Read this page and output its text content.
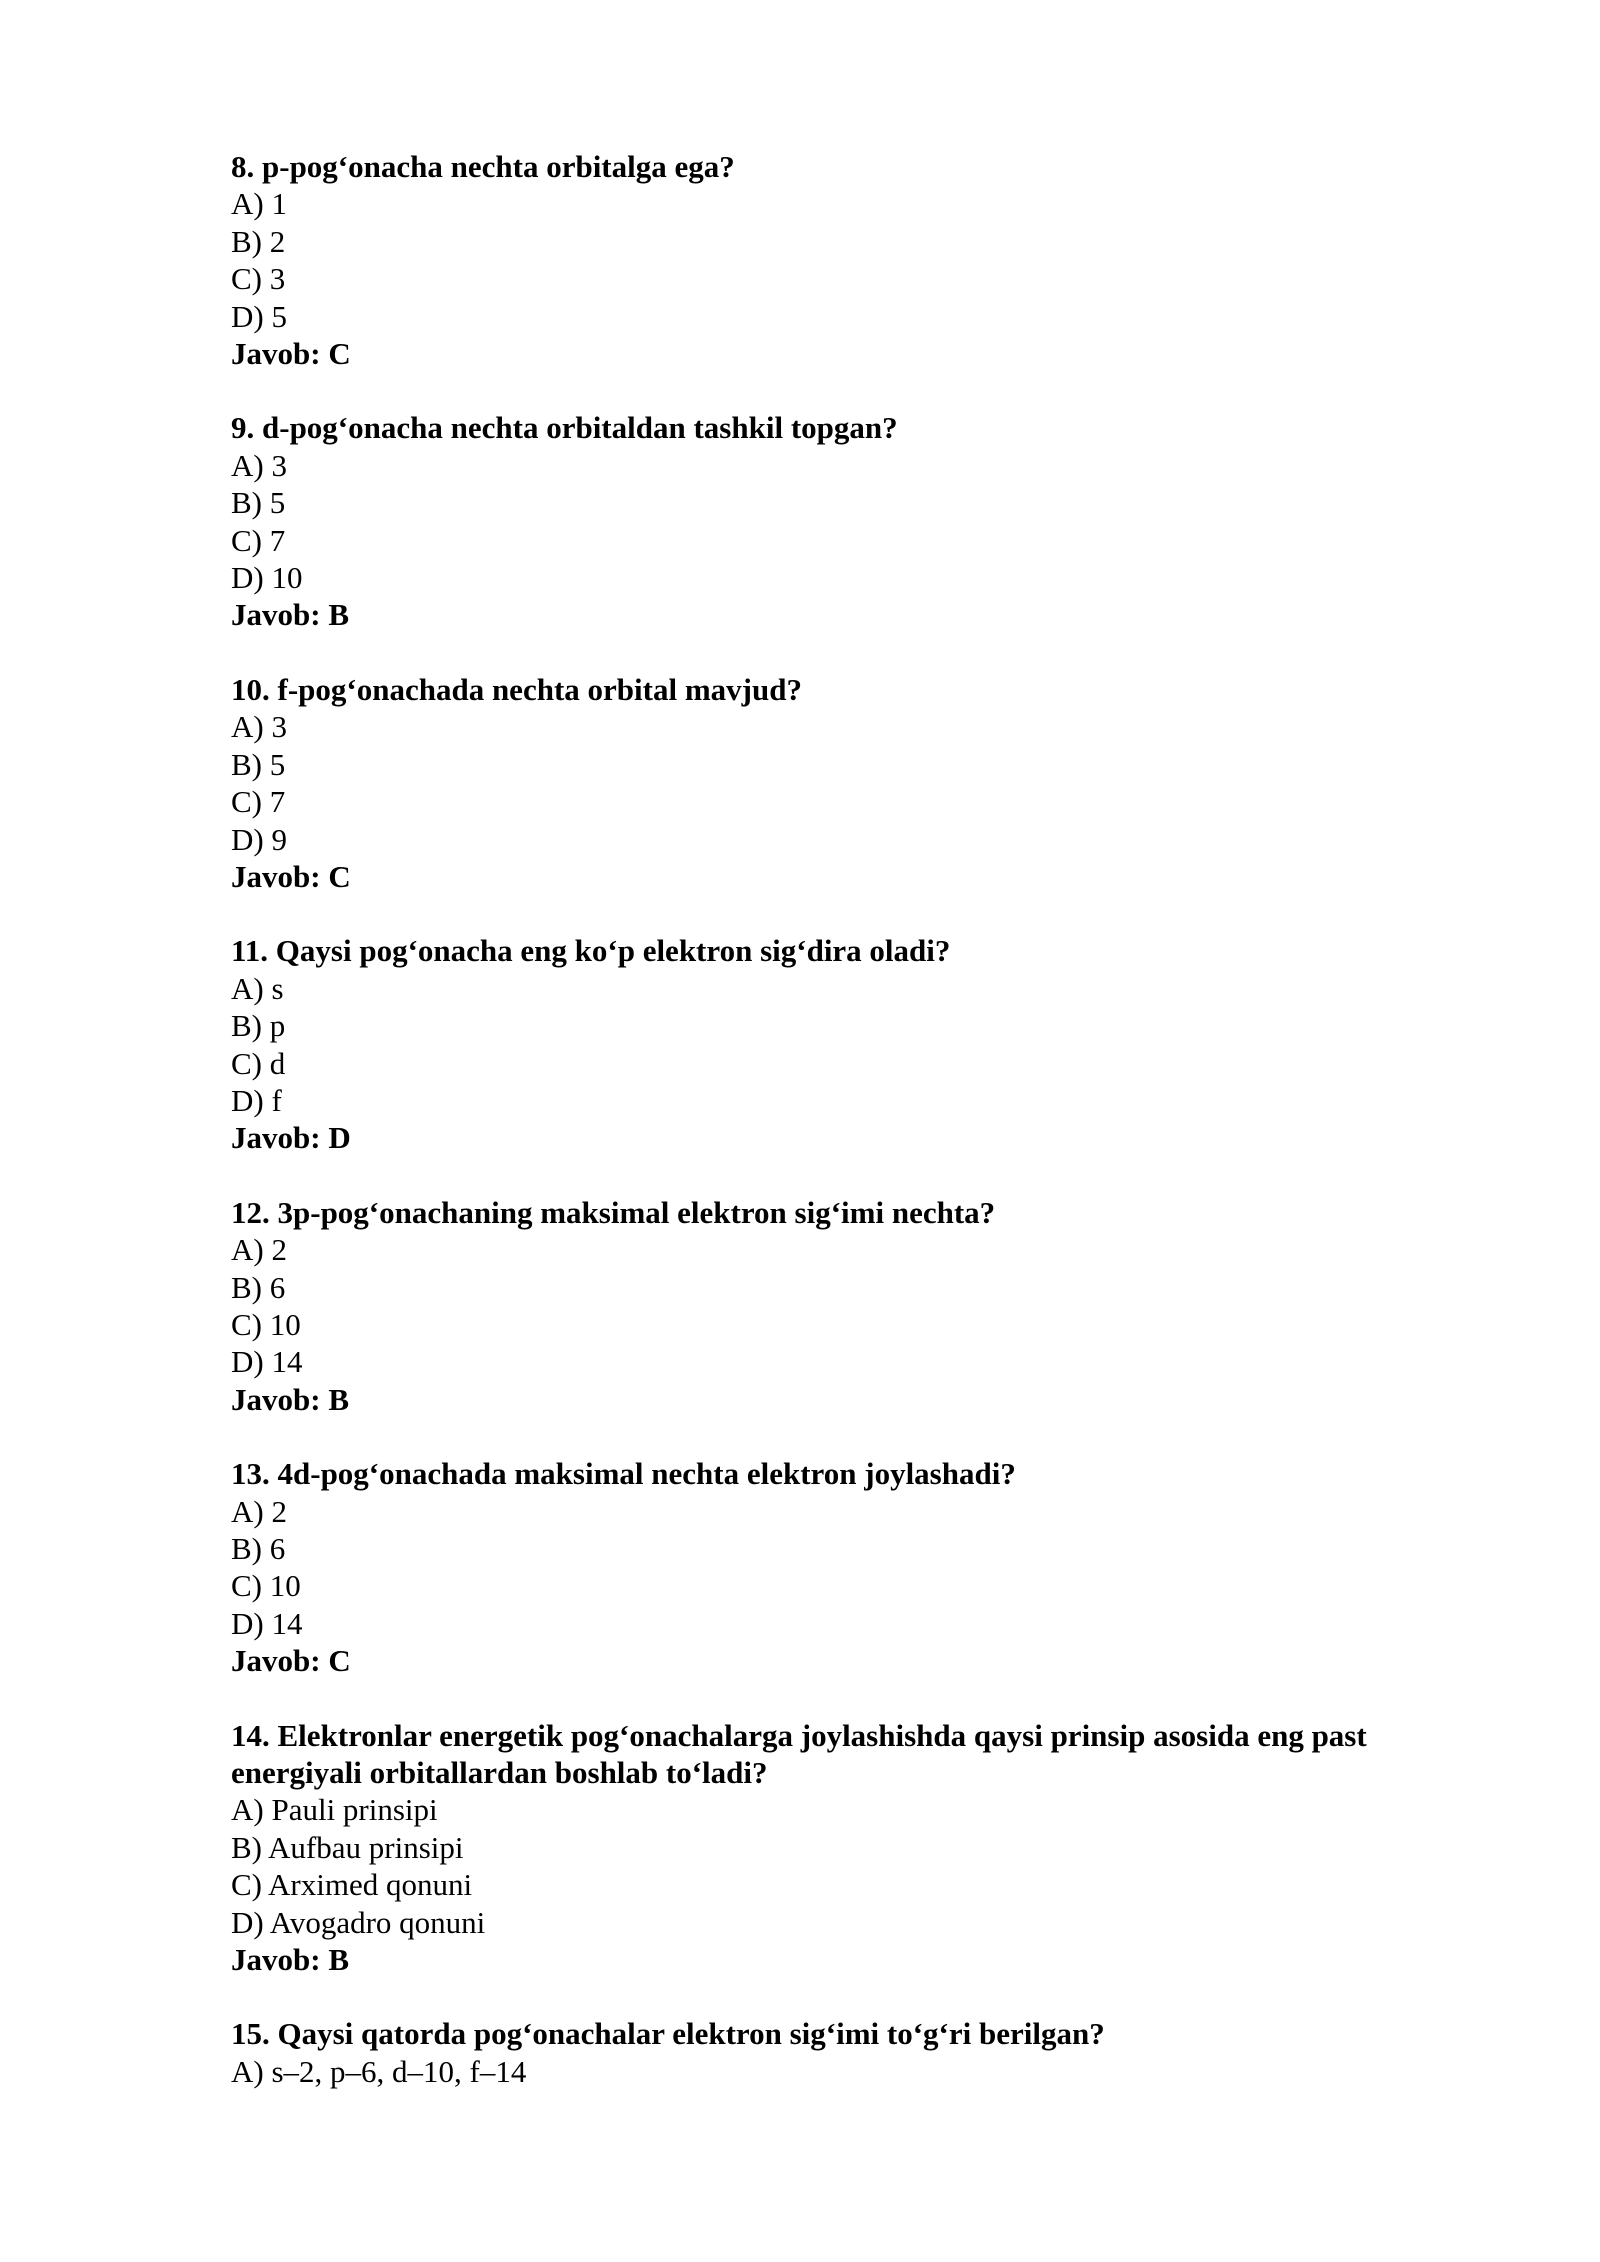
8. p-pog‘onacha nechta orbitalga ega?
A) 1
B) 2
C) 3
D) 5
Javob: C
9. d-pog‘onacha nechta orbitaldan tashkil topgan?
A) 3
B) 5
C) 7
D) 10
Javob: B
10. f-pog‘onachada nechta orbital mavjud?
A) 3
B) 5
C) 7
D) 9
Javob: C
11. Qaysi pog‘onacha eng ko‘p elektron sig‘dira oladi?
A) s
B) p
C) d
D) f
Javob: D
12. 3p-pog‘onachaning maksimal elektron sig‘imi nechta?
A) 2
B) 6
C) 10
D) 14
Javob: B
13. 4d-pog‘onachada maksimal nechta elektron joylashadi?
A) 2
B) 6
C) 10
D) 14
Javob: C
14. Elektronlar energetik pog‘onachalarga joylashishda qaysi prinsip asosida eng past energiyali orbitallardan boshlab to‘ladi?
A) Pauli prinsipi
B) Aufbau prinsipi
C) Arximed qonuni
D) Avogadro qonuni
Javob: B
15. Qaysi qatorda pog‘onachalar elektron sig‘imi to‘g‘ri berilgan?
A) s–2, p–6, d–10, f–14
